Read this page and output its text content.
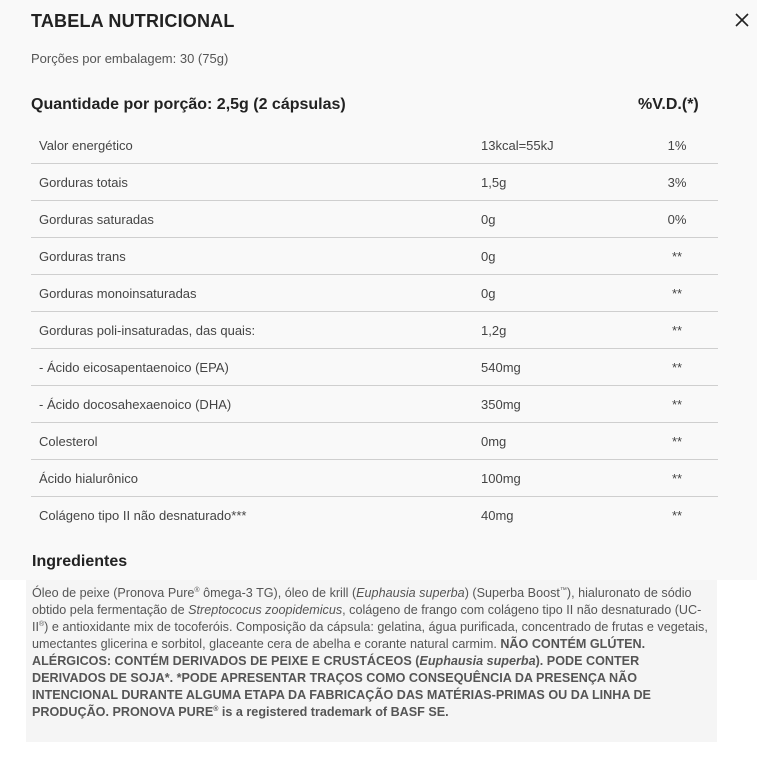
TABELA NUTRICIONAL
Porções por embalagem: 30 (75g)
Quantidade por porção: 2,5g (2 cápsulas)	%V.D.(*)
Valor energético	13kcal=55kJ	1%
Gorduras totais	1,5g	3%
Gorduras saturadas	0g	0%
Gorduras trans	0g	**
Gorduras monoinsaturadas	0g	**
Gorduras poli-insaturadas, das quais:	1,2g	**
- Ácido eicosapentaenoico (EPA)	540mg	**
- Ácido docosahexaenoico (DHA)	350mg	**
Colesterol	0mg	**
Ácido hialurônico	100mg	**
Colágeno tipo II não desnaturado***	40mg	**
Ingredientes
Óleo de peixe (Pronova Pure® ômega-3 TG), óleo de krill (Euphausia superba) (Superba Boost™), hialuronato de sódio obtido pela fermentação de Streptococus zoopidemicus, colágeno de frango com colágeno tipo II não desnaturado (UC-II®) e antioxidante mix de tocoferóis. Composição da cápsula: gelatina, água purificada, concentrado de frutas e vegetais, umectantes glicerina e sorbitol, glaceante cera de abelha e corante natural carmim. NÃO CONTÉM GLÚTEN. ALÉRGICOS: CONTÉM DERIVADOS DE PEIXE E CRUSTÁCEOS (Euphausia superba). PODE CONTER DERIVADOS DE SOJA*. *PODE APRESENTAR TRAÇOS COMO CONSEQUÊNCIA DA PRESENÇA NÃO INTENCIONAL DURANTE ALGUMA ETAPA DA FABRICAÇÃO DAS MATÉRIAS-PRIMAS OU DA LINHA DE PRODUÇÃO. PRONOVA PURE® is a registered trademark of BASF SE.
